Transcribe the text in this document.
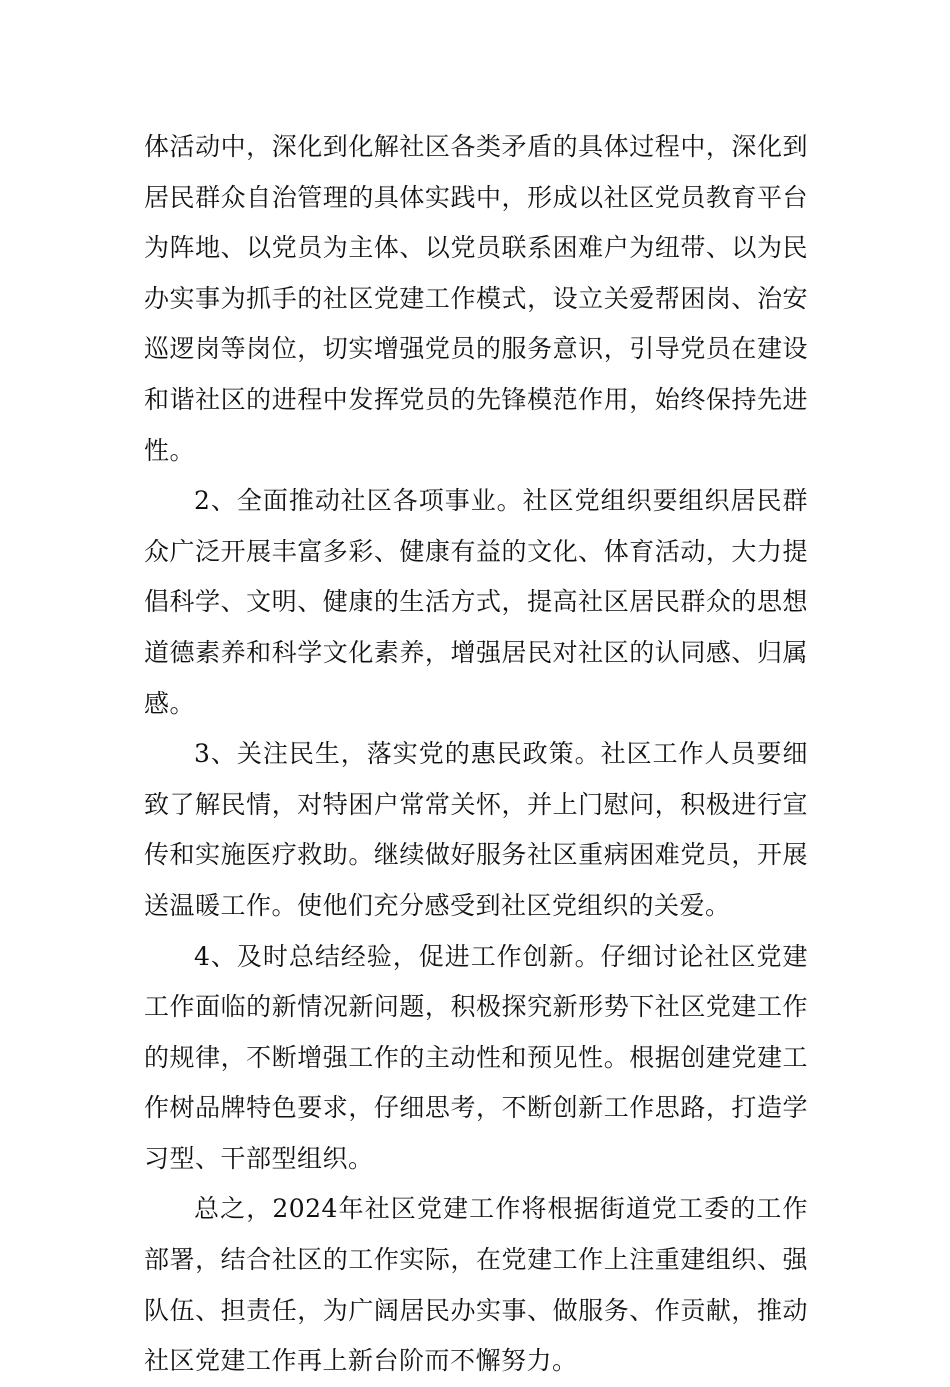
体活动中，深化到化解社区各类矛盾的具体过程中，深化到居民群众自治管理的具体实践中，形成以社区党员教育平台为阵地、以党员为主体、以党员联系困难户为纽带、以为民办实事为抓手的社区党建工作模式，设立关爱帮困岗、治安巡逻岗等岗位，切实增强党员的服务意识，引导党员在建设和谐社区的进程中发挥党员的先锋模范作用，始终保持先进性。

2、全面推动社区各项事业。社区党组织要组织居民群众广泛开展丰富多彩、健康有益的文化、体育活动，大力提倡科学、文明、健康的生活方式，提高社区居民群众的思想道德素养和科学文化素养，增强居民对社区的认同感、归属感。

3、关注民生，落实党的惠民政策。社区工作人员要细致了解民情，对特困户常常关怀，并上门慰问，积极进行宣传和实施医疗救助。继续做好服务社区重病困难党员，开展送温暖工作。使他们充分感受到社区党组织的关爱。

4、及时总结经验，促进工作创新。仔细讨论社区党建工作面临的新情况新问题，积极探究新形势下社区党建工作的规律，不断增强工作的主动性和预见性。根据创建党建工作树品牌特色要求，仔细思考，不断创新工作思路，打造学习型、干部型组织。

总之，2024年社区党建工作将根据街道党工委的工作部署，结合社区的工作实际，在党建工作上注重建组织、强队伍、担责任，为广阔居民办实事、做服务、作贡献，推动社区党建工作再上新台阶而不懈努力。
